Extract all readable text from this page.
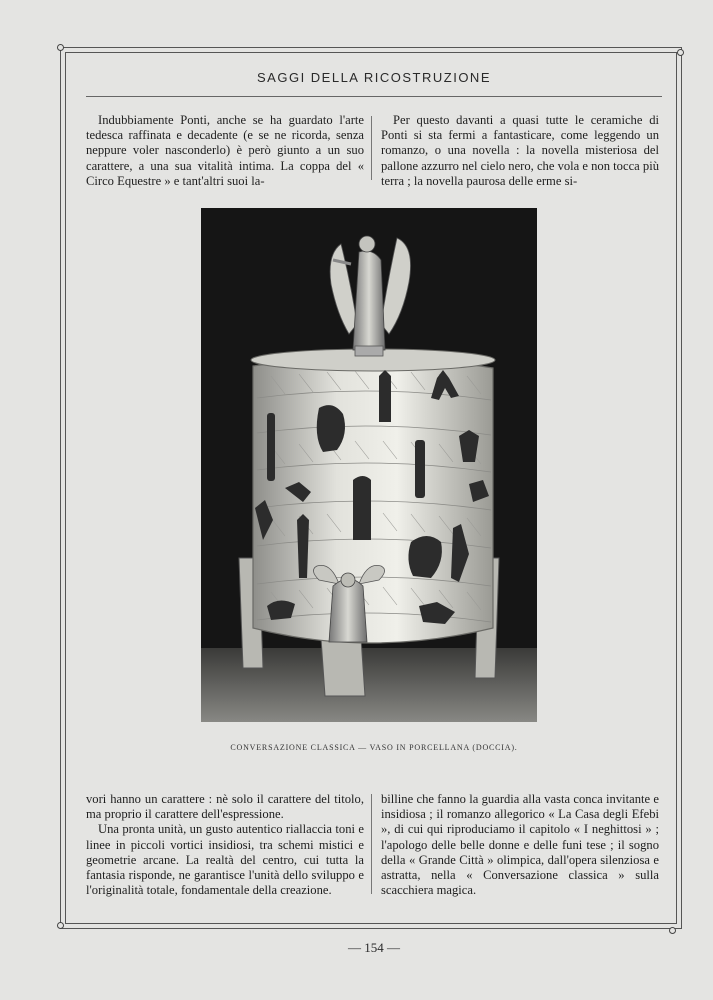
SAGGI DELLA RICOSTRUZIONE

Indubbiamente Ponti, anche se ha guardato l'arte tedesca raffinata e decadente (e se ne ricorda, senza neppure voler nasconderlo) è però giunto a un suo carattere, a una sua vitalità intima. La coppa del « Circo Equestre » e tant'altri suoi la-

Per questo davanti a quasi tutte le ceramiche di Ponti si sta fermi a fantasticare, come leggendo un romanzo, o una novella : la novella misteriosa del pallone azzurro nel cielo nero, che vola e non tocca più terra ; la novella paurosa delle erme si-

CONVERSAZIONE CLASSICA — VASO IN PORCELLANA (DOCCIA).

vori hanno un carattere : nè solo il carattere del titolo, ma proprio il carattere dell'espressione.

Una pronta unità, un gusto autentico riallaccia toni e linee in piccoli vortici insidiosi, tra schemi mistici e geometrie arcane. La realtà del centro, cui tutta la fantasia risponde, ne garantisce l'unità dello sviluppo e l'originalità totale, fondamentale della creazione.

billine che fanno la guardia alla vasta conca invitante e insidiosa ; il romanzo allegorico « La Casa degli Efebi », di cui qui riproduciamo il capitolo « I neghittosi » ; l'apologo delle belle donne e delle funi tese ; il sogno della « Grande Città » olimpica, dall'opera silenziosa e astratta, nella « Conversazione classica » sulla scacchiera magica.

— 154 —
